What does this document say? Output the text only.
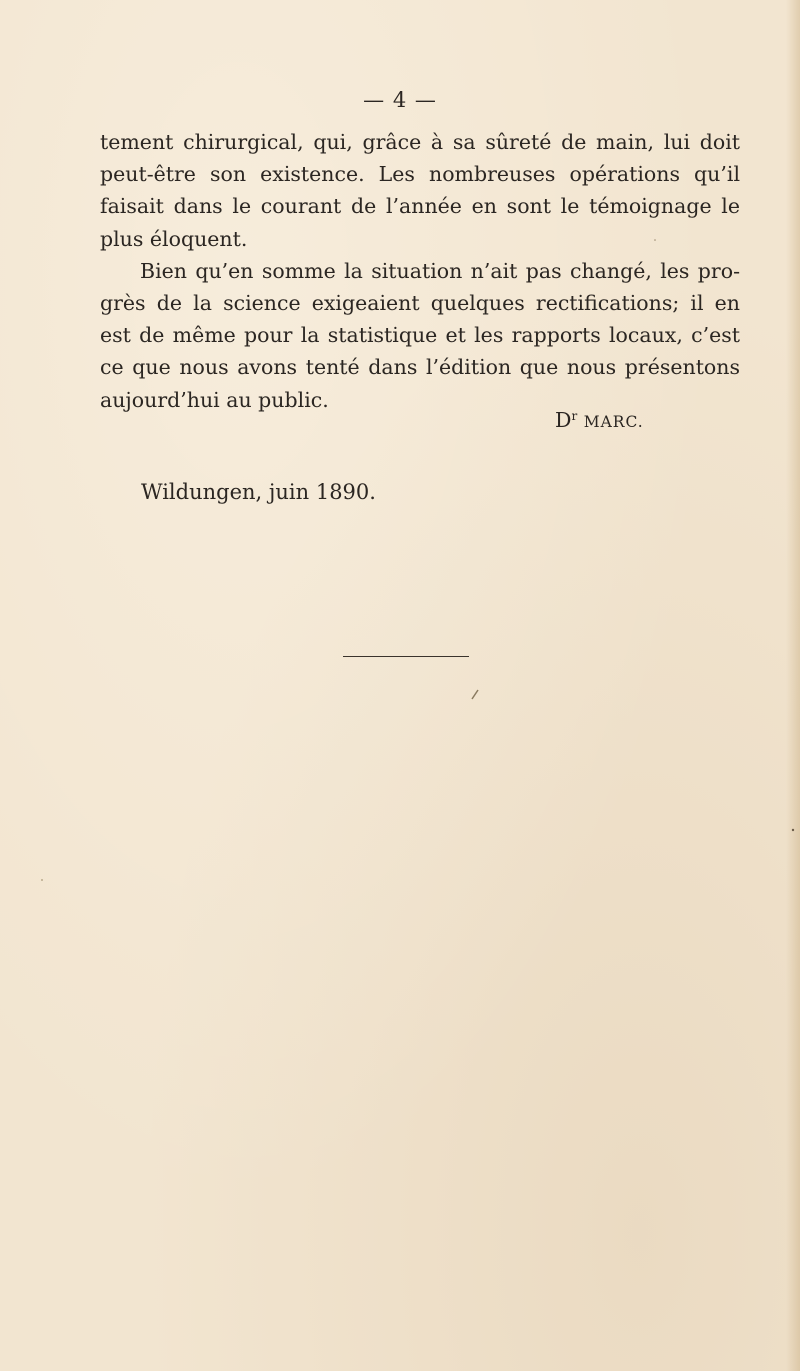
— 4 —
tement chirurgical, qui, grâce à sa sûreté de main, lui doit
peut-être son existence. Les nombreuses opérations qu’il
faisait dans le courant de l’année en sont le témoignage le
plus éloquent.
Bien qu’en somme la situation n’ait pas changé, les pro-
grès de la science exigeaient quelques rectifications; il en
est de même pour la statistique et les rapports locaux, c’est
ce que nous avons tenté dans l’édition que nous présentons
aujourd’hui au public.
$D^r$ MARC.
Wildungen, juin 1890.
